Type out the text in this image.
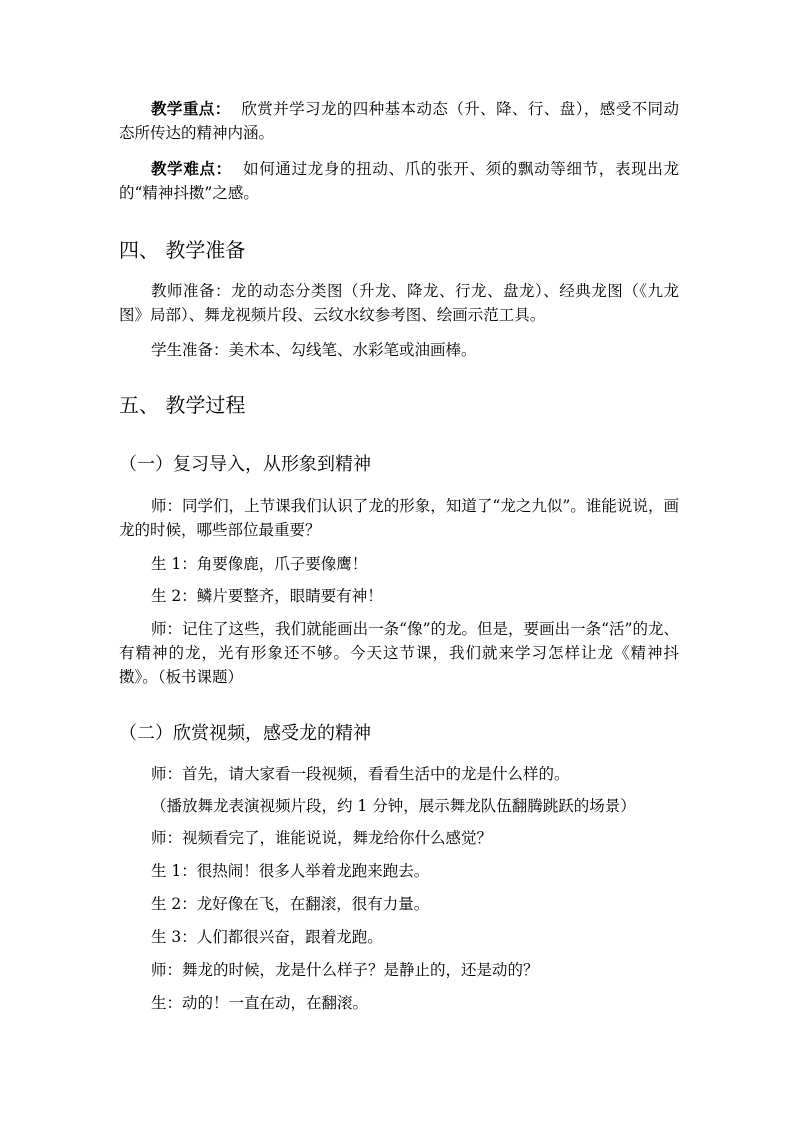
教学重点： 欣赏并学习龙的四种基本动态（升、降、行、盘），感受不同动态所传达的精神内涵。

教学难点： 如何通过龙身的扭动、爪的张开、须的飘动等细节，表现出龙的“精神抖擞”之感。

四、 教学准备

教师准备：龙的动态分类图（升龙、降龙、行龙、盘龙）、经典龙图（《九龙图》局部）、舞龙视频片段、云纹水纹参考图、绘画示范工具。

学生准备：美术本、勾线笔、水彩笔或油画棒。

五、 教学过程
（一）复习导入，从形象到精神

师：同学们，上节课我们认识了龙的形象，知道了“龙之九似”。谁能说说，画龙的时候，哪些部位最重要？

生 1：角要像鹿，爪子要像鹰！

生 2：鳞片要整齐，眼睛要有神！

师：记住了这些，我们就能画出一条“像”的龙。但是，要画出一条“活”的龙、有精神的龙，光有形象还不够。今天这节课，我们就来学习怎样让龙《精神抖擞》。（板书课题）

（二）欣赏视频，感受龙的精神

师：首先，请大家看一段视频，看看生活中的龙是什么样的。

（播放舞龙表演视频片段，约 1 分钟，展示舞龙队伍翻腾跳跃的场景）

师：视频看完了，谁能说说，舞龙给你什么感觉？

生 1：很热闹！很多人举着龙跑来跑去。

生 2：龙好像在飞，在翻滚，很有力量。

生 3：人们都很兴奋，跟着龙跑。

师：舞龙的时候，龙是什么样子？是静止的，还是动的？

生：动的！一直在动，在翻滚。
